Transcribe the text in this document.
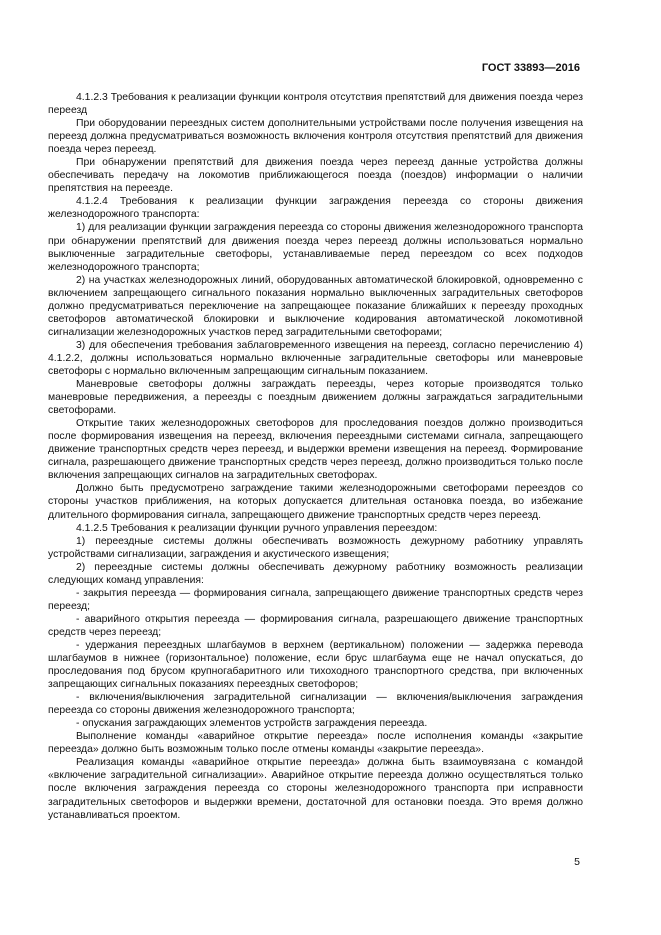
ГОСТ 33893—2016

4.1.2.3 Требования к реализации функции контроля отсутствия препятствий для движения поезда через переезд

При оборудовании переездных систем дополнительными устройствами после получения извещения на переезд должна предусматриваться возможность включения контроля отсутствия препятствий для движения поезда через переезд.

При обнаружении препятствий для движения поезда через переезд данные устройства должны обеспечивать передачу на локомотив приближающегося поезда (поездов) информации о наличии препятствия на переезде.

4.1.2.4 Требования к реализации функции заграждения переезда со стороны движения железнодорожного транспорта:

1) для реализации функции заграждения переезда со стороны движения железнодорожного транспорта при обнаружении препятствий для движения поезда через переезд должны использоваться нормально выключенные заградительные светофоры, устанавливаемые перед переездом со всех подходов железнодорожного транспорта;

2) на участках железнодорожных линий, оборудованных автоматической блокировкой, одновременно с включением запрещающего сигнального показания нормально выключенных заградительных светофоров должно предусматриваться переключение на запрещающее показание ближайших к переезду проходных светофоров автоматической блокировки и выключение кодирования автоматической локомотивной сигнализации железнодорожных участков перед заградительными светофорами;

3) для обеспечения требования заблаговременного извещения на переезд, согласно перечислению 4) 4.1.2.2, должны использоваться нормально включенные заградительные светофоры или маневровые светофоры с нормально включенным запрещающим сигнальным показанием.

Маневровые светофоры должны заграждать переезды, через которые производятся только маневровые передвижения, а переезды с поездным движением должны заграждаться заградительными светофорами.

Открытие таких железнодорожных светофоров для проследования поездов должно производиться после формирования извещения на переезд, включения переездными системами сигнала, запрещающего движение транспортных средств через переезд, и выдержки времени извещения на переезд. Формирование сигнала, разрешающего движение транспортных средств через переезд, должно производиться только после включения запрещающих сигналов на заградительных светофорах.

Должно быть предусмотрено заграждение такими железнодорожными светофорами переездов со стороны участков приближения, на которых допускается длительная остановка поезда, во избежание длительного формирования сигнала, запрещающего движение транспортных средств через переезд.

4.1.2.5 Требования к реализации функции ручного управления переездом:

1) переездные системы должны обеспечивать возможность дежурному работнику управлять устройствами сигнализации, заграждения и акустического извещения;

2) переездные системы должны обеспечивать дежурному работнику возможность реализации следующих команд управления:

- закрытия переезда — формирования сигнала, запрещающего движение транспортных средств через переезд;

- аварийного открытия переезда — формирования сигнала, разрешающего движение транспортных средств через переезд;

- удержания переездных шлагбаумов в верхнем (вертикальном) положении — задержка перевода шлагбаумов в нижнее (горизонтальное) положение, если брус шлагбаума еще не начал опускаться, до проследования под брусом крупногабаритного или тихоходного транспортного средства, при включенных запрещающих сигнальных показаниях переездных светофоров;

- включения/выключения заградительной сигнализации — включения/выключения заграждения переезда со стороны движения железнодорожного транспорта;

- опускания заграждающих элементов устройств заграждения переезда.

Выполнение команды «аварийное открытие переезда» после исполнения команды «закрытие переезда» должно быть возможным только после отмены команды «закрытие переезда».

Реализация команды «аварийное открытие переезда» должна быть взаимоувязана с командой «включение заградительной сигнализации». Аварийное открытие переезда должно осуществляться только после включения заграждения переезда со стороны железнодорожного транспорта при исправности заградительных светофоров и выдержки времени, достаточной для остановки поезда. Это время должно устанавливаться проектом.

5
